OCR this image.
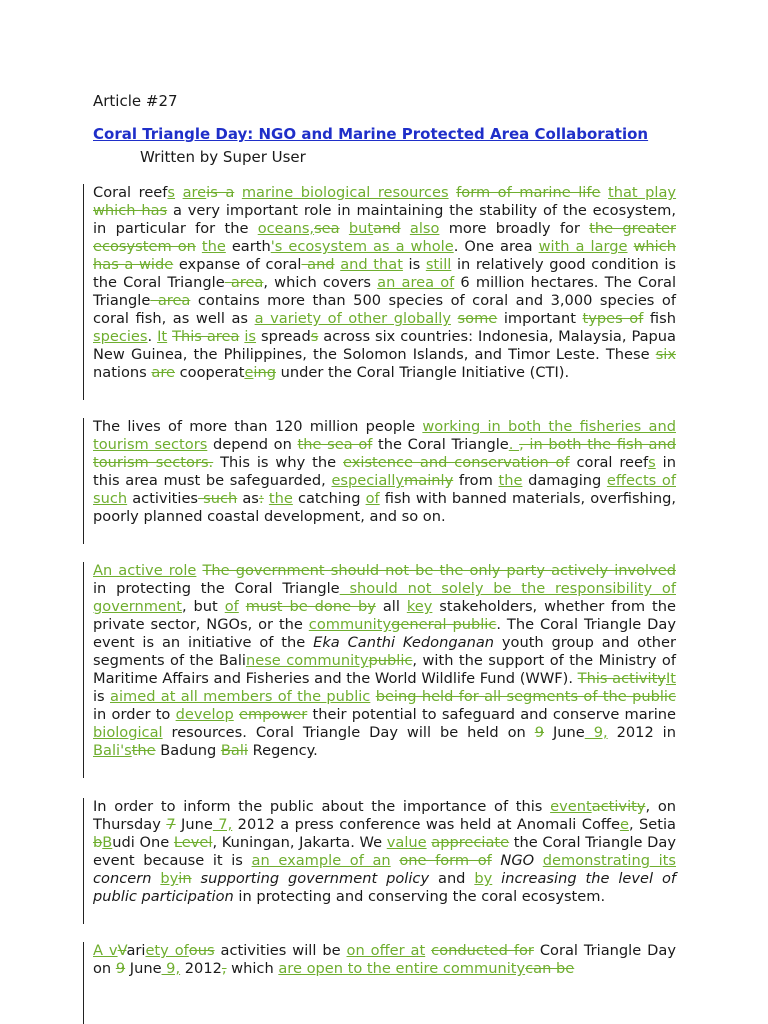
Article #27
Coral Triangle Day: NGO and Marine Protected Area Collaboration
Written by Super User
Coral reefs areis a marine biological resources form of marine life that play which has a very important role in maintaining the stability of the ecosystem, in particular for the oceans,sea butand also more broadly for the greater ecosystem on the earth's ecosystem as a whole. One area with a large which has a wide expanse of coral and and that is still in relatively good condition is the Coral Triangle area, which covers an area of 6 million hectares. The Coral Triangle area contains more than 500 species of coral and 3,000 species of coral fish, as well as a variety of other globally some important types of fish species. It This area is spreads across six countries: Indonesia, Malaysia, Papua New Guinea, the Philippines, the Solomon Islands, and Timor Leste. These six nations are cooperateing under the Coral Triangle Initiative (CTI).
The lives of more than 120 million people working in both the fisheries and tourism sectors depend on the sea of the Coral Triangle. , in both the fish and tourism sectors. This is why the existence and conservation of coral reefs in this area must be safeguarded, especiallymainly from the damaging effects of such activities such as: the catching of fish with banned materials, overfishing, poorly planned coastal development, and so on.
An active role The government should not be the only party actively involved in protecting the Coral Triangle should not solely be the responsibility of government, but of must be done by all key stakeholders, whether from the private sector, NGOs, or the communitygeneral public. The Coral Triangle Day event is an initiative of the Eka Canthi Kedonganan youth group and other segments of the Balinese communitypublic, with the support of the Ministry of Maritime Affairs and Fisheries and the World Wildlife Fund (WWF). This activityIt is aimed at all members of the public being held for all segments of the public in order to develop empower their potential to safeguard and conserve marine biological resources. Coral Triangle Day will be held on 9 June 9, 2012 in Bali'sthe Badung Bali Regency.
In order to inform the public about the importance of this eventactivity, on Thursday 7 June 7, 2012 a press conference was held at Anomali Coffee, Setia bBudi One Level, Kuningan, Jakarta. We value appreciate the Coral Triangle Day event because it is an example of an one form of NGO demonstrating its concern byin supporting government policy and by increasing the level of public participation in protecting and conserving the coral ecosystem.
A vVariety ofous activities will be on offer at conducted for Coral Triangle Day on 9 June 9, 2012, which are open to the entire communitycan be
